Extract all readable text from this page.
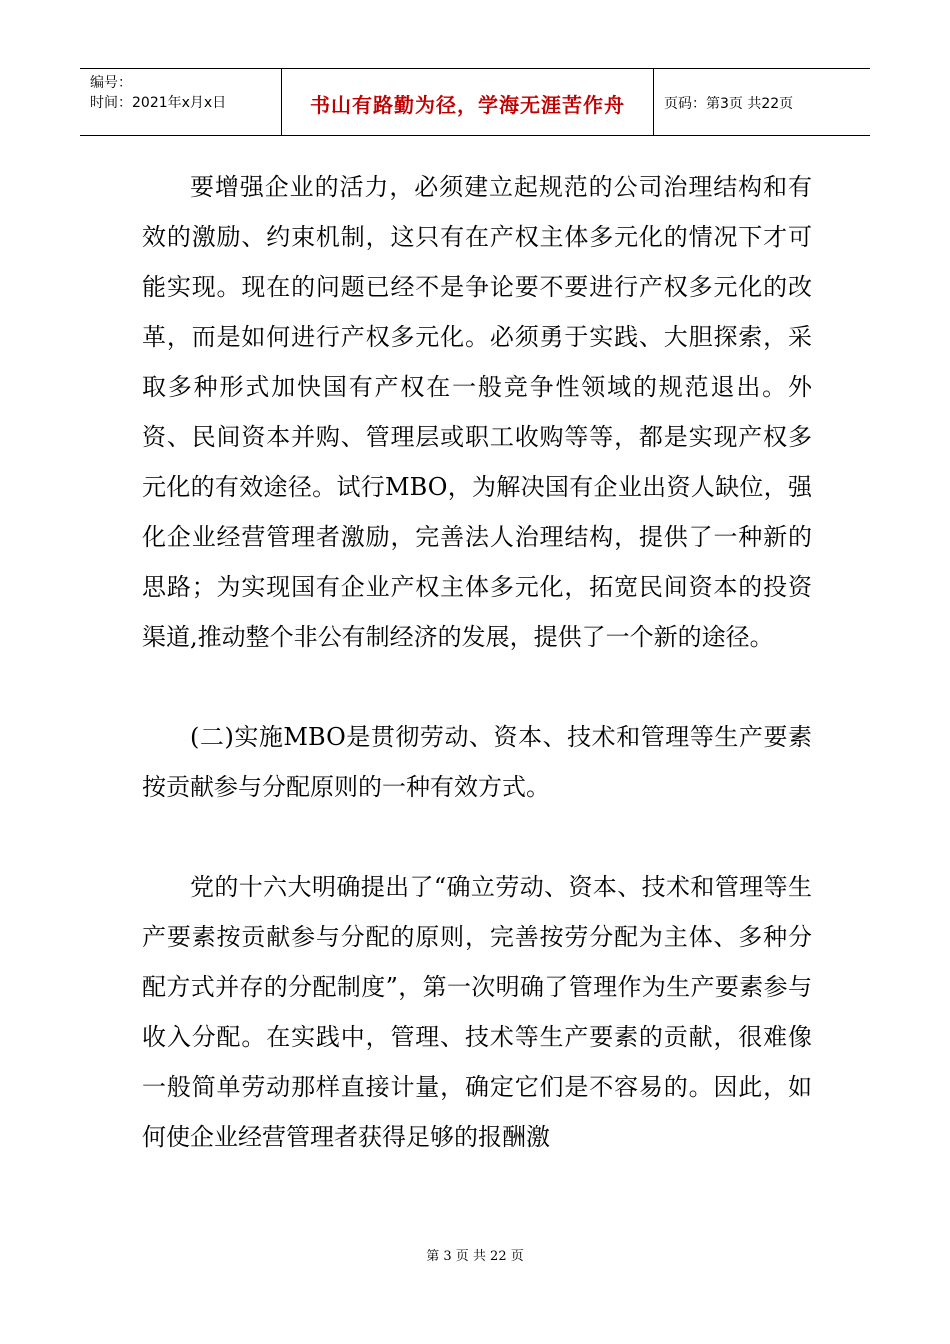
编号：
时间：2021年x月x日	书山有路勤为径，学海无涯苦作舟	页码：第3页 共22页

要增强企业的活力，必须建立起规范的公司治理结构和有效的激励、约束机制，这只有在产权主体多元化的情况下才可能实现。现在的问题已经不是争论要不要进行产权多元化的改革，而是如何进行产权多元化。必须勇于实践、大胆探索，采取多种形式加快国有产权在一般竞争性领域的规范退出。外资、民间资本并购、管理层或职工收购等等，都是实现产权多元化的有效途径。试行MBO，为解决国有企业出资人缺位，强化企业经营管理者激励，完善法人治理结构，提供了一种新的思路；为实现国有企业产权主体多元化，拓宽民间资本的投资渠道,推动整个非公有制经济的发展，提供了一个新的途径。

(二)实施MBO是贯彻劳动、资本、技术和管理等生产要素按贡献参与分配原则的一种有效方式。

党的十六大明确提出了“确立劳动、资本、技术和管理等生产要素按贡献参与分配的原则，完善按劳分配为主体、多种分配方式并存的分配制度”，第一次明确了管理作为生产要素参与收入分配。在实践中，管理、技术等生产要素的贡献，很难像一般简单劳动那样直接计量，确定它们是不容易的。因此，如何使企业经营管理者获得足够的报酬激

第 3 页 共 22 页
